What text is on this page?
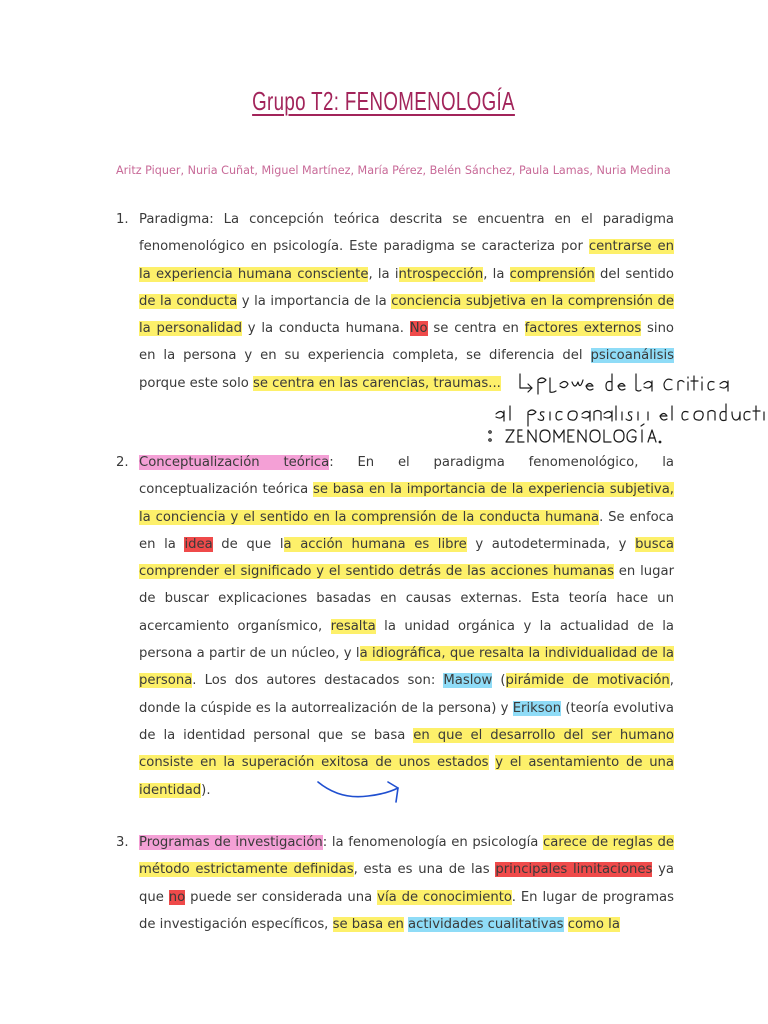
Grupo T2: FENOMENOLOGÍA
Aritz Piquer, Nuria Cuñat, Miguel Martínez, María Pérez, Belén Sánchez, Paula Lamas, Nuria Medina
1. Paradigma: La concepción teórica descrita se encuentra en el paradigma fenomenológico en psicología. Este paradigma se caracteriza por centrarse en la experiencia humana consciente, la introspección, la comprensión del sentido de la conducta y la importancia de la conciencia subjetiva en la comprensión de la personalidad y la conducta humana. No se centra en factores externos sino en la persona y en su experiencia completa, se diferencia del psicoanálisis porque este solo se centra en las carencias, traumas...
2. Conceptualización teórica: En el paradigma fenomenológico, la conceptualización teórica se basa en la importancia de la experiencia subjetiva, la conciencia y el sentido en la comprensión de la conducta humana. Se enfoca en la idea de que la acción humana es libre y autodeterminada, y busca comprender el significado y el sentido detrás de las acciones humanas en lugar de buscar explicaciones basadas en causas externas. Esta teoría hace un acercamiento organísmico, resalta la unidad orgánica y la actualidad de la persona a partir de un núcleo, y la idiográfica, que resalta la individualidad de la persona. Los dos autores destacados son: Maslow (pirámide de motivación, donde la cúspide es la autorrealización de la persona) y Erikson (teoría evolutiva de la identidad personal que se basa en que el desarrollo del ser humano consiste en la superación exitosa de unos estados y el asentamiento de una identidad).
3. Programas de investigación: la fenomenología en psicología carece de reglas de método estrictamente definidas, esta es una de las principales limitaciones ya que no puede ser considerada una vía de conocimiento. En lugar de programas de investigación específicos, se basa en actividades cualitativas como la
